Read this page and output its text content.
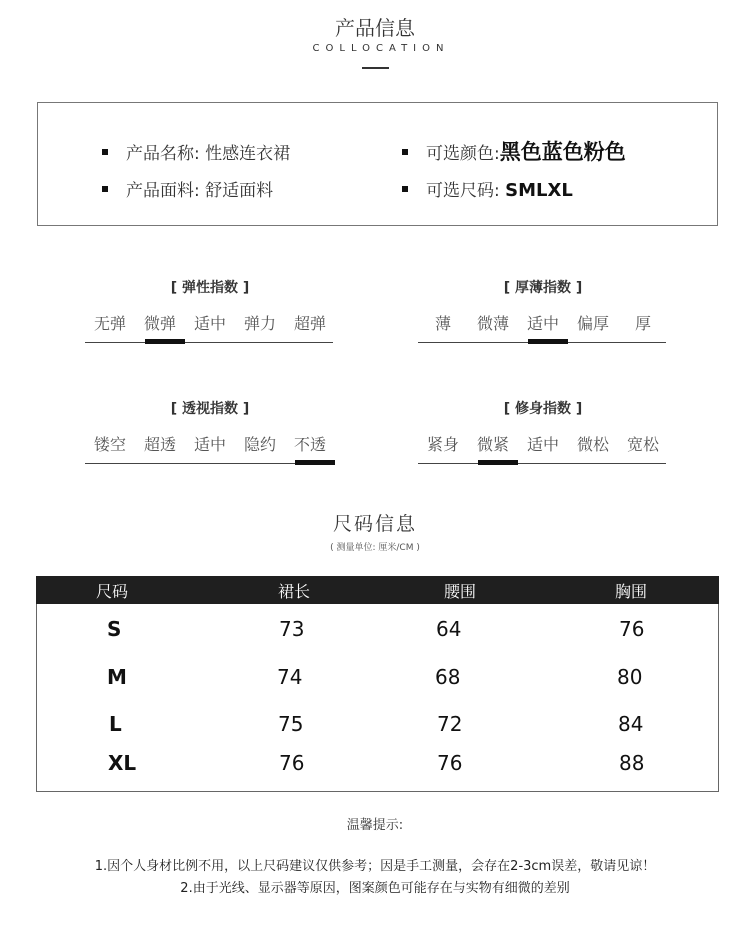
产品信息
COLLOCATION
产品名称: 性感连衣裙
产品面料: 舒适面料
可选颜色:黑色蓝色粉色
可选尺码: SMLXL
[ 弹性指数 ]
无弹	微弹	适中	弹力	超弹
[ 厚薄指数 ]
薄	微薄	适中	偏厚	厚
[ 透视指数 ]
镂空	超透	适中	隐约	不透
[ 修身指数 ]
紧身	微紧	适中	微松	宽松
尺码信息
( 测量单位: 厘米/CM )
尺码	裙长	腰围	胸围
S	73	64	76
M	74	68	80
L	75	72	84
XL	76	76	88
温馨提示:
1.因个人身材比例不用，以上尺码建议仅供参考；因是手工测量，会存在2-3cm误差，敬请见谅！
2.由于光线、显示器等原因，图案颜色可能存在与实物有细微的差别
